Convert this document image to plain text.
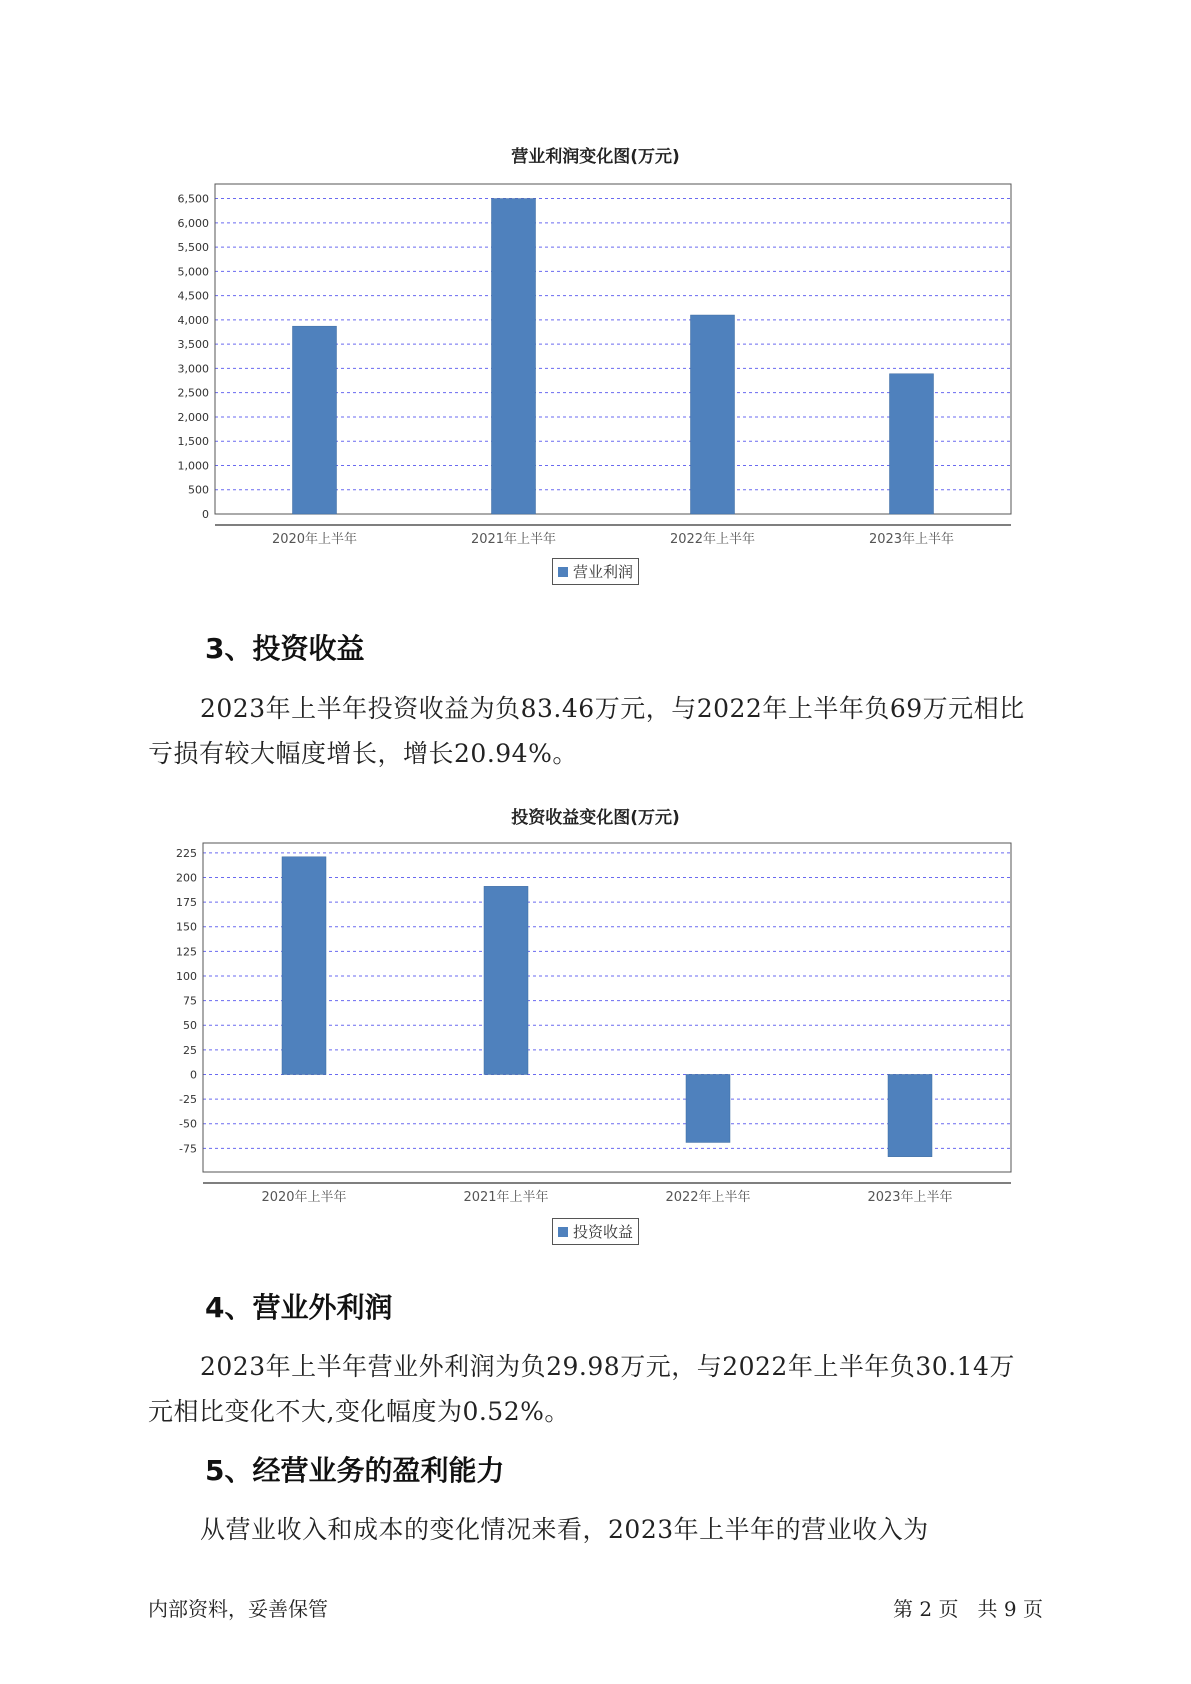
营业利润变化图(万元)
0
500
1,000
1,500
2,000
2,500
3,000
3,500
4,000
4,500
5,000
5,500
6,000
6,500
2020年上半年	2021年上半年	2022年上半年	2023年上半年
营业利润
3、投资收益
2023年上半年投资收益为负83.46万元，与2022年上半年负69万元相比
亏损有较大幅度增长，增长20.94%。
投资收益变化图(万元)
-75
-50
-25
0
25
50
75
100
125
150
175
200
225
2020年上半年	2021年上半年	2022年上半年	2023年上半年
投资收益
4、营业外利润
2023年上半年营业外利润为负29.98万元，与2022年上半年负30.14万
元相比变化不大,变化幅度为0.52%。
5、经营业务的盈利能力
从营业收入和成本的变化情况来看，2023年上半年的营业收入为
内部资料，妥善保管	第 2 页   共 9 页
